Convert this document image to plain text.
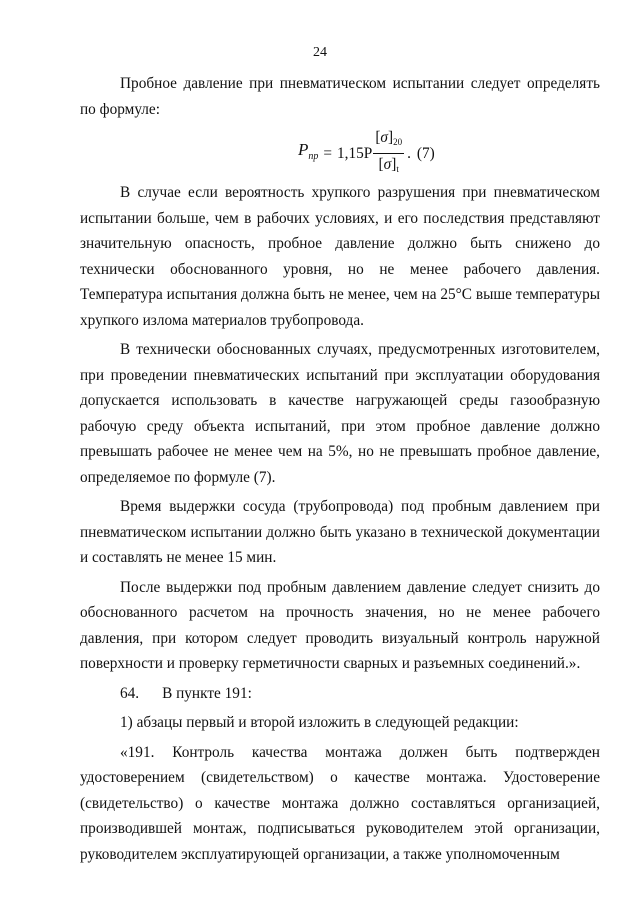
24

Пробное давление при пневматическом испытании следует определять по формуле:

$P_{пр} = 1,15P \frac{[\sigma]_{20}}{[\sigma]_t}$ . (7)

В случае если вероятность хрупкого разрушения при пневматическом испытании больше, чем в рабочих условиях, и его последствия представляют значительную опасность, пробное давление должно быть снижено до технически обоснованного уровня, но не менее рабочего давления. Температура испытания должна быть не менее, чем на 25°С выше температуры хрупкого излома материалов трубопровода.

В технически обоснованных случаях, предусмотренных изготовителем, при проведении пневматических испытаний при эксплуатации оборудования допускается использовать в качестве нагружающей среды газообразную рабочую среду объекта испытаний, при этом пробное давление должно превышать рабочее не менее чем на 5%, но не превышать пробное давление, определяемое по формуле (7).

Время выдержки сосуда (трубопровода) под пробным давлением при пневматическом испытании должно быть указано в технической документации и составлять не менее 15 мин.

После выдержки под пробным давлением давление следует снизить до обоснованного расчетом на прочность значения, но не менее рабочего давления, при котором следует проводить визуальный контроль наружной поверхности и проверку герметичности сварных и разъемных соединений.».

64.      В пункте 191:

1) абзацы первый и второй изложить в следующей редакции:

«191. Контроль качества монтажа должен быть подтвержден удостоверением (свидетельством) о качестве монтажа. Удостоверение (свидетельство) о качестве монтажа должно составляться организацией, производившей монтаж, подписываться руководителем этой организации, руководителем эксплуатирующей организации, а также уполномоченным
